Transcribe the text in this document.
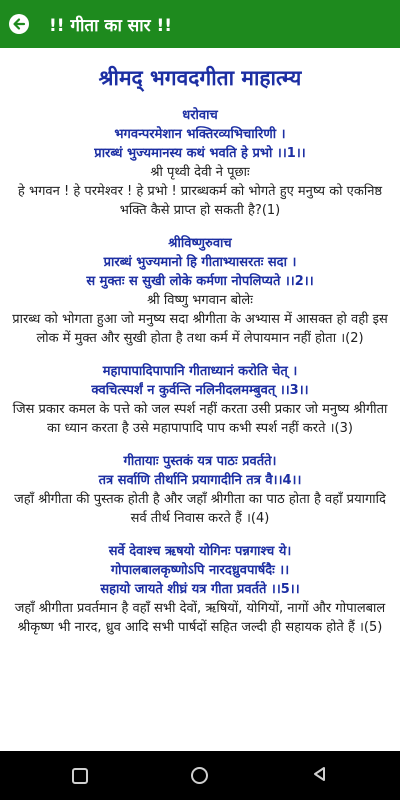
!! गीता का सार !!
श्रीमद् भगवदगीता माहात्म्य
धरोवाच
भगवन्परमेशान भक्तिरव्यभिचारिणी ।
प्रारब्धं भुज्यमानस्य कथं भवति हे प्रभो ।।1।।
श्री पृथ्वी देवी ने पूछाः
हे भगवन ! हे परमेश्वर ! हे प्रभो ! प्रारब्धकर्म को भोगते हुए मनुष्य को एकनिष्ठ भक्ति कैसे प्राप्त हो सकती है?(1)
श्रीविष्णुरुवाच
प्रारब्धं भुज्यमानो हि गीताभ्यासरतः सदा ।
स मुक्तः स सुखी लोके कर्मणा नोपलिप्यते ।।2।।
श्री विष्णु भगवान बोलेः
प्रारब्ध को भोगता हुआ जो मनुष्य सदा श्रीगीता के अभ्यास में आसक्त हो वही इस लोक में मुक्त और सुखी होता है तथा कर्म में लेपायमान नहीं होता ।(2)
महापापादिपापानि गीताध्यानं करोति चेत् ।
क्वचित्स्पर्शं न कुर्वन्ति नलिनीदलमम्बुवत् ।।3।।
जिस प्रकार कमल के पत्ते को जल स्पर्श नहीं करता उसी प्रकार जो मनुष्य श्रीगीता का ध्यान करता है उसे महापापादि पाप कभी स्पर्श नहीं करते ।(3)
गीतायाः पुस्तकं यत्र पाठः प्रवर्तते।
तत्र सर्वाणि तीर्थानि प्रयागादीनि तत्र वै।।4।।
जहाँ श्रीगीता की पुस्तक होती है और जहाँ श्रीगीता का पाठ होता है वहाँ प्रयागादि सर्व तीर्थ निवास करते हैं ।(4)
सर्वे देवाश्च ऋषयो योगिनः पन्नगाश्च ये।
गोपालबालकृष्णोऽपि नारदध्रुवपार्षदैः ।।
सहायो जायते शीघ्रं यत्र गीता प्रवर्तते ।।5।।
जहाँ श्रीगीता प्रवर्तमान है वहाँ सभी देवों, ऋषियों, योगियों, नागों और गोपालबाल श्रीकृष्ण भी नारद, ध्रुव आदि सभी पार्षदों सहित जल्दी ही सहायक होते हैं ।(5)
